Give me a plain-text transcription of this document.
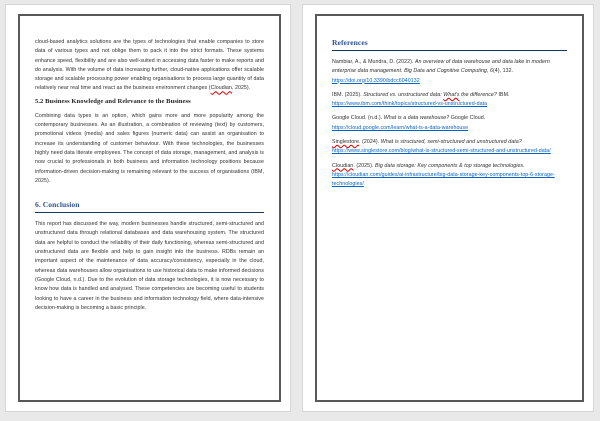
cloud-based analytics solutions are the types of technologies that enable companies to store data of various types and not oblige them to pack it into the strict formats. These systems enhance speed, flexibility and are also well-suited in accessing data faster to make reports and do analysis. With the volume of data increasing further, cloud-native applications offer scalable storage and scalable processing power enabling organisations to process large quantity of data relatively near real time and react as the business environment changes (Cloudian, 2025).

5.2 Business Knowledge and Relevance to the Business

Combining data types is an option, which gains more and more popularity among the contemporary businesses. As an illustration, a combination of reviewing (text) by customers, promotional videos (media) and sales figures (numeric data) can assist an organisation to increase its understanding of customer behaviour. With these technologies, the businesses highly need data literate employees. The concept of data storage, management, and analysis is now crucial to professionals in both business and information technology positions because information-driven decision-making is remaining relevant to the success of organisations (IBM, 2025).

6. Conclusion

This report has discussed the way, modern businesses handle structured, semi-structured and unstructured data through relational databases and data warehousing system. The structured data are helpful to conduct the reliability of their daily functioning, whereas semi-structured and unstructured data are flexible and help to gain insight into the business. RDBs remain an important aspect of the maintenance of data accuracy/consistency, especially in the cloud, whereas data warehouses allow organisations to use historical data to make informed decisions (Google Cloud, n.d.). Due to the evolution of data storage technologies, it is now necessary to know how data is handled and analysed. These competencies are becoming useful to students looking to have a career in the business and information technology field, where data-intensive decision-making is becoming a basic principle.

References

Nambiar, A., & Mundra, D. (2022). An overview of data warehouse and data lake in modern enterprise data management. Big Data and Cognitive Computing, 6(4), 132.
https://doi.org/10.3390/bdcc6040132

IBM. (2025). Structured vs. unstructured data: What's the difference? IBM.
https://www.ibm.com/think/topics/structured-vs-unstructured-data

Google Cloud. (n.d.). What is a data warehouse? Google Cloud.
https://cloud.google.com/learn/what-is-a-data-warehouse

Singlestore. (2024). What is structured, semi-structured and unstructured data?
https://www.singlestore.com/blog/what-is-structured-semi-structured-and-unstructured-data/

Cloudian. (2025). Big data storage: Key components & top storage technologies.
https://cloudian.com/guides/ai-infrastructure/big-data-storage-key-components-top-6-storage-technologies/
